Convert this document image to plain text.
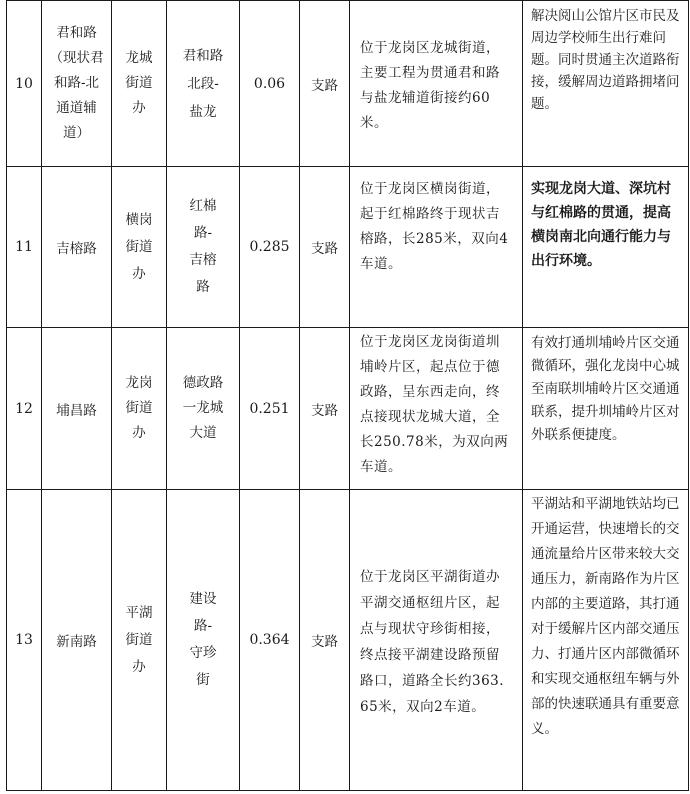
10	君和路（现状君和路-北通道辅道）	龙城街道办	君和路北段-盐龙	0.06	支路	位于龙岗区龙城街道，主要工程为贯通君和路与盐龙辅道街接约60米。	解决阅山公馆片区市民及周边学校师生出行难问题。同时贯通主次道路衔接，缓解周边道路拥堵问题。

11	吉榕路	横岗街道办	红棉路-吉榕路	0.285	支路	位于龙岗区横岗街道，起于红棉路终于现状吉榕路，长285米，双向4车道。	实现龙岗大道、深坑村与红棉路的贯通，提高横岗南北向通行能力与出行环境。

12	埔昌路	龙岗街道办	德政路一龙城大道	0.251	支路	位于龙岗区龙岗街道圳埔岭片区，起点位于德政路，呈东西走向，终点接现状龙城大道，全长250.78米，为双向两车道。	有效打通圳埔岭片区交通微循环，强化龙岗中心城至南联圳埔岭片区交通通联系，提升圳埔岭片区对外联系便捷度。

13	新南路	平湖街道办	建设路-守珍街	0.364	支路	位于龙岗区平湖街道办平湖交通枢纽片区，起点与现状守珍街相接，终点接平湖建设路预留路口，道路全长约363.65米，双向2车道。	平湖站和平湖地铁站均已开通运营，快速增长的交通流量给片区带来较大交通压力，新南路作为片区内部的主要道路，其打通对于缓解片区内部交通压力、打通片区内部微循环和实现交通枢纽车辆与外部的快速联通具有重要意义。
